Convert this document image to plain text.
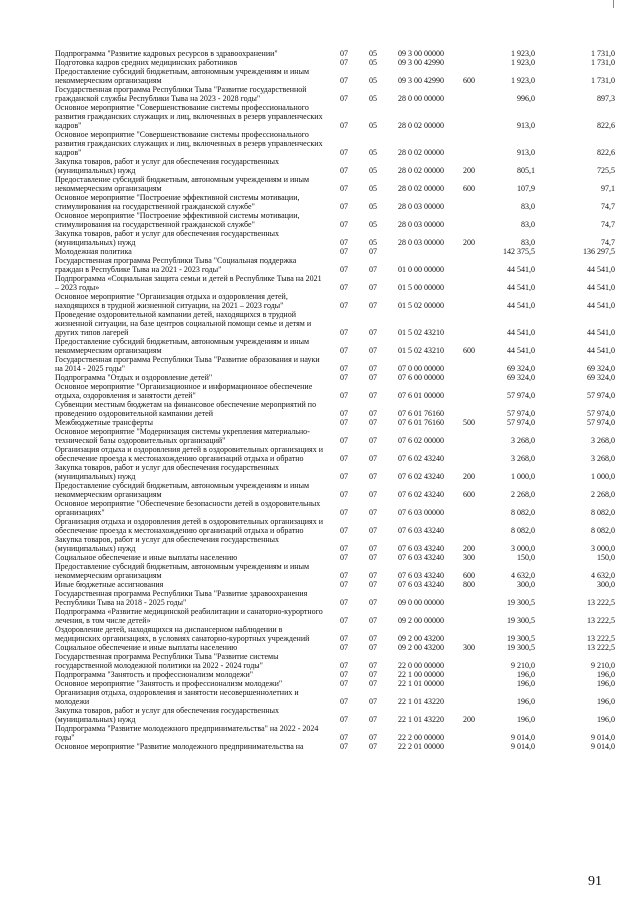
Подпрограмма "Развитие кадровых ресурсов в здравоохранении"	07	05	09 3 00 00000	1 923,0	1 731,0
Подготовка кадров средних медицинских работников	07	05	09 3 00 42990	1 923,0	1 731,0
Предоставление субсидий бюджетным, автономным учреждениям и иным некоммерческим организациям	07	05	09 3 00 42990 600	1 923,0	1 731,0
Государственная программа Республики Тыва "Развитие государственной гражданской службы Республики Тыва на 2023 - 2028 годы"	07	05	28 0 00 00000	996,0	897,3
Основное мероприятие "Совершенствование системы профессионального развития гражданских служащих и лиц, включенных в резерв управленческих кадров"	07	05	28 0 02 00000	913,0	822,6
Основное мероприятие "Совершенствование системы профессионального развития гражданских служащих и лиц, включенных в резерв управленческих кадров"	07	05	28 0 02 00000	913,0	822,6
Закупка товаров, работ и услуг для обеспечения государственных (муниципальных) нужд	07	05	28 0 02 00000 200	805,1	725,5
Предоставление субсидий бюджетным, автономным учреждениям и иным некоммерческим организациям	07	05	28 0 02 00000 600	107,9	97,1
Основное мероприятие "Построение эффективной системы мотивации, стимулирования на государственной гражданской службе"	07	05	28 0 03 00000	83,0	74,7
Основное мероприятие "Построение эффективной системы мотивации, стимулирования на государственной гражданской службе"	07	05	28 0 03 00000	83,0	74,7
Закупка товаров, работ и услуг для обеспечения государственных (муниципальных) нужд	07	05	28 0 03 00000 200	83,0	74,7
Молодежная политика	07	07	142 375,5	136 297,5
Государственная программа Республики Тыва "Социальная поддержка граждан в Республике Тыва на 2021 - 2023 годы"	07	07	01 0 00 00000	44 541,0	44 541,0
Подпрограмма «Социальная защита семьи и детей в Республике Тыва на 2021 – 2023 годы»	07	07	01 5 00 00000	44 541,0	44 541,0
Основное мероприятие "Организация отдыха и оздоровления детей, находящихся в трудной жизненной ситуации, на 2021 – 2023 годы"	07	07	01 5 02 00000	44 541,0	44 541,0
Проведение оздоровительной кампании детей, находящихся в трудной жизненной ситуации, на базе центров социальной помощи семье и детям и других типов лагерей	07	07	01 5 02 43210	44 541,0	44 541,0
Предоставление субсидий бюджетным, автономным учреждениям и иным некоммерческим организациям	07	07	01 5 02 43210 600	44 541,0	44 541,0
Государственная программа Республики Тыва "Развитие образования и науки на 2014 - 2025 годы"	07	07	07 0 00 00000	69 324,0	69 324,0
Подпрограмма "Отдых и оздоровление детей"	07	07	07 6 00 00000	69 324,0	69 324,0
Основное мероприятие "Организационное и информационное обеспечение отдыха, оздоровления и занятости детей"	07	07	07 6 01 00000	57 974,0	57 974,0
Субвенции местным бюджетам на финансовое обеспечение мероприятий по проведению оздоровительной кампании детей	07	07	07 6 01 76160	57 974,0	57 974,0
Межбюджетные трансферты	07	07	07 6 01 76160 500	57 974,0	57 974,0
Основное мероприятие "Модернизация системы укрепления материально-технической базы оздоровительных организаций"	07	07	07 6 02 00000	3 268,0	3 268,0
Организация отдыха и оздоровления детей в оздоровительных организациях и обеспечение проезда к местонахождению организаций отдыха и обратно	07	07	07 6 02 43240	3 268,0	3 268,0
Закупка товаров, работ и услуг для обеспечения государственных (муниципальных) нужд	07	07	07 6 02 43240 200	1 000,0	1 000,0
Предоставление субсидий бюджетным, автономным учреждениям и иным некоммерческим организациям	07	07	07 6 02 43240 600	2 268,0	2 268,0
Основное мероприятие "Обеспечение безопасности детей в оздоровительных организациях"	07	07	07 6 03 00000	8 082,0	8 082,0
Организация отдыха и оздоровления детей в оздоровительных организациях и обеспечение проезда к местонахождению организаций отдыха и обратно	07	07	07 6 03 43240	8 082,0	8 082,0
Закупка товаров, работ и услуг для обеспечения государственных (муниципальных) нужд	07	07	07 6 03 43240 200	3 000,0	3 000,0
Социальное обеспечение и иные выплаты населению	07	07	07 6 03 43240 300	150,0	150,0
Предоставление субсидий бюджетным, автономным учреждениям и иным некоммерческим организациям	07	07	07 6 03 43240 600	4 632,0	4 632,0
Иные бюджетные ассигнования	07	07	07 6 03 43240 800	300,0	300,0
Государственная программа Республики Тыва "Развитие здравоохранения Республики Тыва на 2018 - 2025 годы"	07	07	09 0 00 00000	19 300,5	13 222,5
Подпрограмма «Развитие медицинской реабилитации и санаторно-курортного лечения, в том числе детей»	07	07	09 2 00 00000	19 300,5	13 222,5
Оздоровление детей, находящихся на диспансерном наблюдении в медицинских организациях, в условиях санаторно-курортных учреждений	07	07	09 2 00 43200	19 300,5	13 222,5
Социальное обеспечение и иные выплаты населению	07	07	09 2 00 43200 300	19 300,5	13 222,5
Государственная программа Республики Тыва "Развитие системы государственной молодежной политики на 2022 - 2024 годы"	07	07	22 0 00 00000	9 210,0	9 210,0
Подпрограмма "Занятость и профессионализм молодежи"	07	07	22 1 00 00000	196,0	196,0
Основное мероприятие "Занятость и профессионализм молодежи"	07	07	22 1 01 00000	196,0	196,0
Организация отдыха, оздоровления и занятости несовершеннолетних и молодежи	07	07	22 1 01 43220	196,0	196,0
Закупка товаров, работ и услуг для обеспечения государственных (муниципальных) нужд	07	07	22 1 01 43220 200	196,0	196,0
Подпрограмма "Развитие молодежного предпринимательства" на 2022 - 2024 годы"	07	07	22 2 00 00000	9 014,0	9 014,0
Основное мероприятие "Развитие молодежного предпринимательства на	07	07	22 2 01 00000	9 014,0	9 014,0
91
